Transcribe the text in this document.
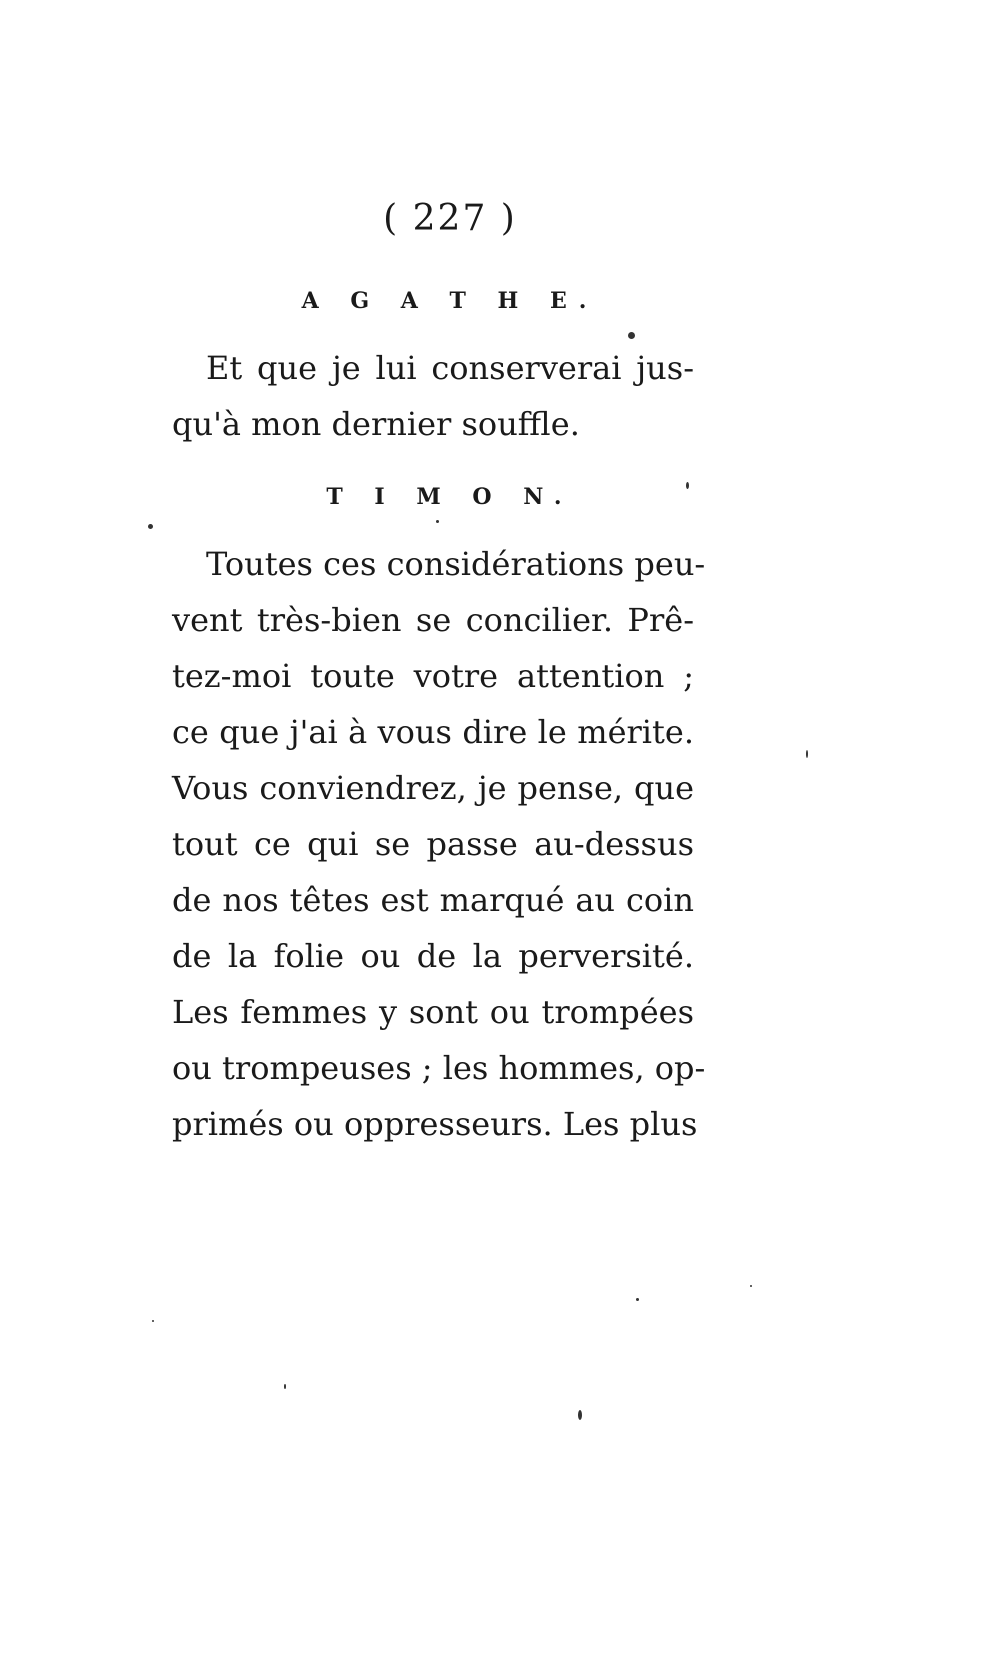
( 227 )
A G A T H E.
Et que je lui conserverai jus-
qu'à mon dernier souffle.
T I M O N.
Toutes ces considérations peu-
vent très-bien se concilier. Prê-
tez-moi toute votre attention ;
ce que j'ai à vous dire le mérite.
Vous conviendrez, je pense, que
tout ce qui se passe au-dessus
de nos têtes est marqué au coin
de la folie ou de la perversité.
Les femmes y sont ou trompées
ou trompeuses ; les hommes, op-
primés ou oppresseurs. Les plus
